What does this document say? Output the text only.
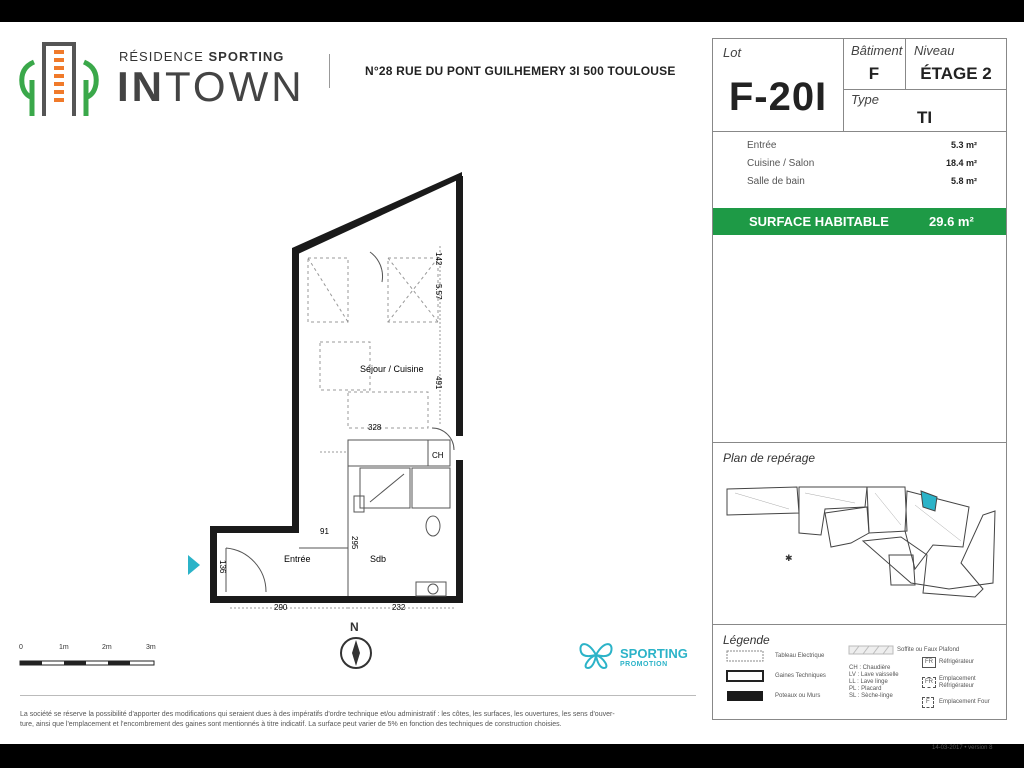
RÉSIDENCE SPORTING
INTOWN	N°28 RUE DU PONT GUILHEMERY 3I 500 TOULOUSE
Séjour / Cuisine
Entrée	Sdb
CH
142
5.57
491
328
91
295
290	232
136
0	1m	2m	3m
N
SPORTING
PROMOTION
La société se réserve la possibilité d'apporter des modifications qui seraient dues à des impératifs d'ordre technique et/ou administratif : les côtes, les surfaces, les ouvertures, les sens d'ouver-
ture, ainsi que l'emplacement et l'encombrement des gaines sont mentionnés à titre indicatif. La surface peut varier de 5% en fonction des techniques de construction choisies.
14-03-2017 • version 8
Lot
F-20I
Bâtiment
F
Niveau
ÉTAGE 2
Type
TI
Entrée	5.3 m²
Cuisine / Salon	18.4 m²
Salle de bain	5.8 m²
SURFACE HABITABLE	29.6 m²
Plan de repérage
✱
Légende
Tableau Electrique
Gaines Techniques
Poteaux ou Murs
Soffite ou Faux Plafond
CH : Chaudière
LV : Lave vaisselle
LL : Lave linge
PL : Placard
SL : Sèche-linge
FR	Réfrigérateur
FR	Emplacement
Réfrigérateur
F	Emplacement Four
